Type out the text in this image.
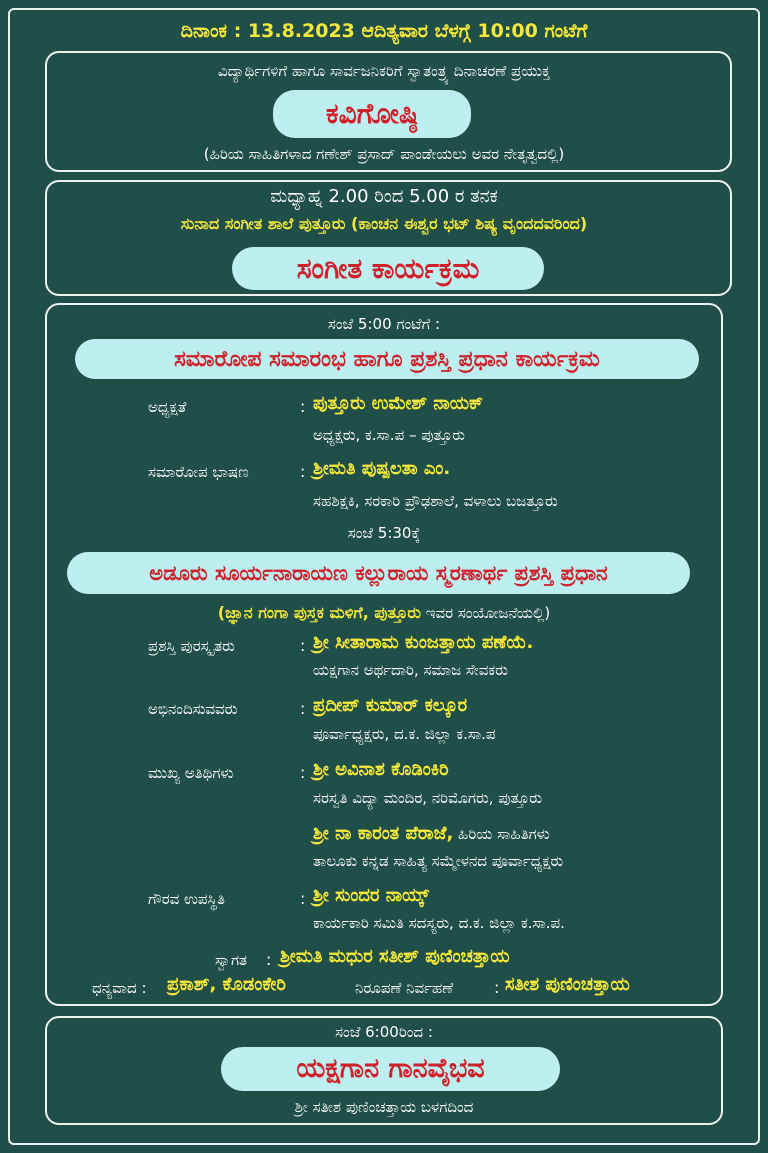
ದಿನಾಂಕ : 13.8.2023 ಆದಿತ್ಯವಾರ ಬೆಳಗ್ಗೆ 10:00 ಗಂಟೆಗೆ
ವಿದ್ಯಾರ್ಥಿಗಳಿಗೆ ಹಾಗೂ ಸಾರ್ವಜನಿಕರಿಗೆ ಸ್ವಾತಂತ್ರ್ಯ ದಿನಾಚರಣೆ ಪ್ರಯುಕ್ತ
ಕವಿಗೋಷ್ಠಿ
(ಹಿರಿಯ ಸಾಹಿತಿಗಳಾದ ಗಣೇಶ್ ಪ್ರಸಾದ್ ಪಾಂಡೇಯಲು ಅವರ ನೇತೃತ್ವದಲ್ಲಿ)
ಮಧ್ಯಾಹ್ನ 2.00 ರಿಂದ 5.00 ರ ತನಕ
ಸುನಾದ ಸಂಗೀತ ಶಾಲೆ ಪುತ್ತೂರು (ಕಾಂಚನ ಈಶ್ವರ ಭಟ್ ಶಿಷ್ಯ ವೃಂದದವರಿಂದ)
ಸಂಗೀತ ಕಾರ್ಯಕ್ರಮ
ಸಂಜೆ 5:00 ಗಂಟೆಗೆ :
ಸಮಾರೋಪ ಸಮಾರಂಭ ಹಾಗೂ ಪ್ರಶಸ್ತಿ ಪ್ರಧಾನ ಕಾರ್ಯಕ್ರಮ
ಅಧ್ಯಕ್ಷತೆ	: ಪುತ್ತೂರು ಉಮೇಶ್ ನಾಯಕ್
ಅಧ್ಯಕ್ಷರು, ಕ.ಸಾ.ಪ – ಪುತ್ತೂರು
ಸಮಾರೋಪ ಭಾಷಣ	: ಶ್ರೀಮತಿ ಪುಷ್ಪಲತಾ ಎಂ.
ಸಹಶಿಕ್ಷಕಿ, ಸರಕಾರಿ ಪ್ರೌಢಶಾಲೆ, ವಳಾಲು ಬಜತ್ತೂರು
ಸಂಜೆ 5:30ಕ್ಕೆ
ಅಡೂರು ಸೂರ್ಯನಾರಾಯಣ ಕಲ್ಲುರಾಯ ಸ್ಮರಣಾರ್ಥ ಪ್ರಶಸ್ತಿ ಪ್ರಧಾನ
(ಜ್ಞಾನ ಗಂಗಾ ಪುಸ್ತಕ ಮಳಿಗೆ, ಪುತ್ತೂರು ಇವರ ಸಂಯೋಜನೆಯಲ್ಲಿ)
ಪ್ರಶಸ್ತಿ ಪುರಸ್ಕೃತರು	: ಶ್ರೀ ಸೀತಾರಾಮ ಕುಂಜತ್ತಾಯ ಪಣೆಯೆ.
ಯಕ್ಷಗಾನ ಅರ್ಥದಾರಿ, ಸಮಾಜ ಸೇವಕರು
ಅಭಿನಂದಿಸುವವರು	: ಪ್ರದೀಪ್ ಕುಮಾರ್ ಕಲ್ಕೂರ
ಪೂರ್ವಾಧ್ಯಕ್ಷರು, ದ.ಕ. ಜಿಲ್ಲಾ ಕ.ಸಾ.ಪ
ಮುಖ್ಯ ಅತಿಥಿಗಳು	: ಶ್ರೀ ಅವಿನಾಶ ಕೊಡಿಂಕಿರಿ
ಸರಸ್ವತಿ ವಿದ್ಯಾ ಮಂದಿರ, ನರಿಮೊಗರು, ಪುತ್ತೂರು
ಶ್ರೀ ನಾ ಕಾರಂತ ಪೆರಾಜೆ, ಹಿರಿಯ ಸಾಹಿತಿಗಳು
ತಾಲೂಕು ಕನ್ನಡ ಸಾಹಿತ್ಯ ಸಮ್ಮೇಳನದ ಪೂರ್ವಾಧ್ಯಕ್ಷರು
ಗೌರವ ಉಪಸ್ಥಿತಿ	: ಶ್ರೀ ಸುಂದರ ನಾಯ್ಕ್
ಕಾರ್ಯಕಾರಿ ಸಮಿತಿ ಸದಸ್ಯರು, ದ.ಕ. ಜಿಲ್ಲಾ ಕ.ಸಾ.ಪ.
ಸ್ವಾಗತ : ಶ್ರೀಮತಿ ಮಧುರ ಸತೀಶ್ ಪುಣಿಂಚತ್ತಾಯ
ಧನ್ಯವಾದ : ಪ್ರಕಾಶ್, ಕೊಡಂಕೇರಿ	ನಿರೂಪಣೆ ನಿರ್ವಹಣೆ	: ಸತೀಶ ಪುಣಿಂಚತ್ತಾಯ
ಸಂಜೆ 6:00ರಿಂದ :
ಯಕ್ಷಗಾನ ಗಾನವೈಭವ
ಶ್ರೀ ಸತೀಶ ಪುಣಿಂಚತ್ತಾಯ ಬಳಗದಿಂದ
